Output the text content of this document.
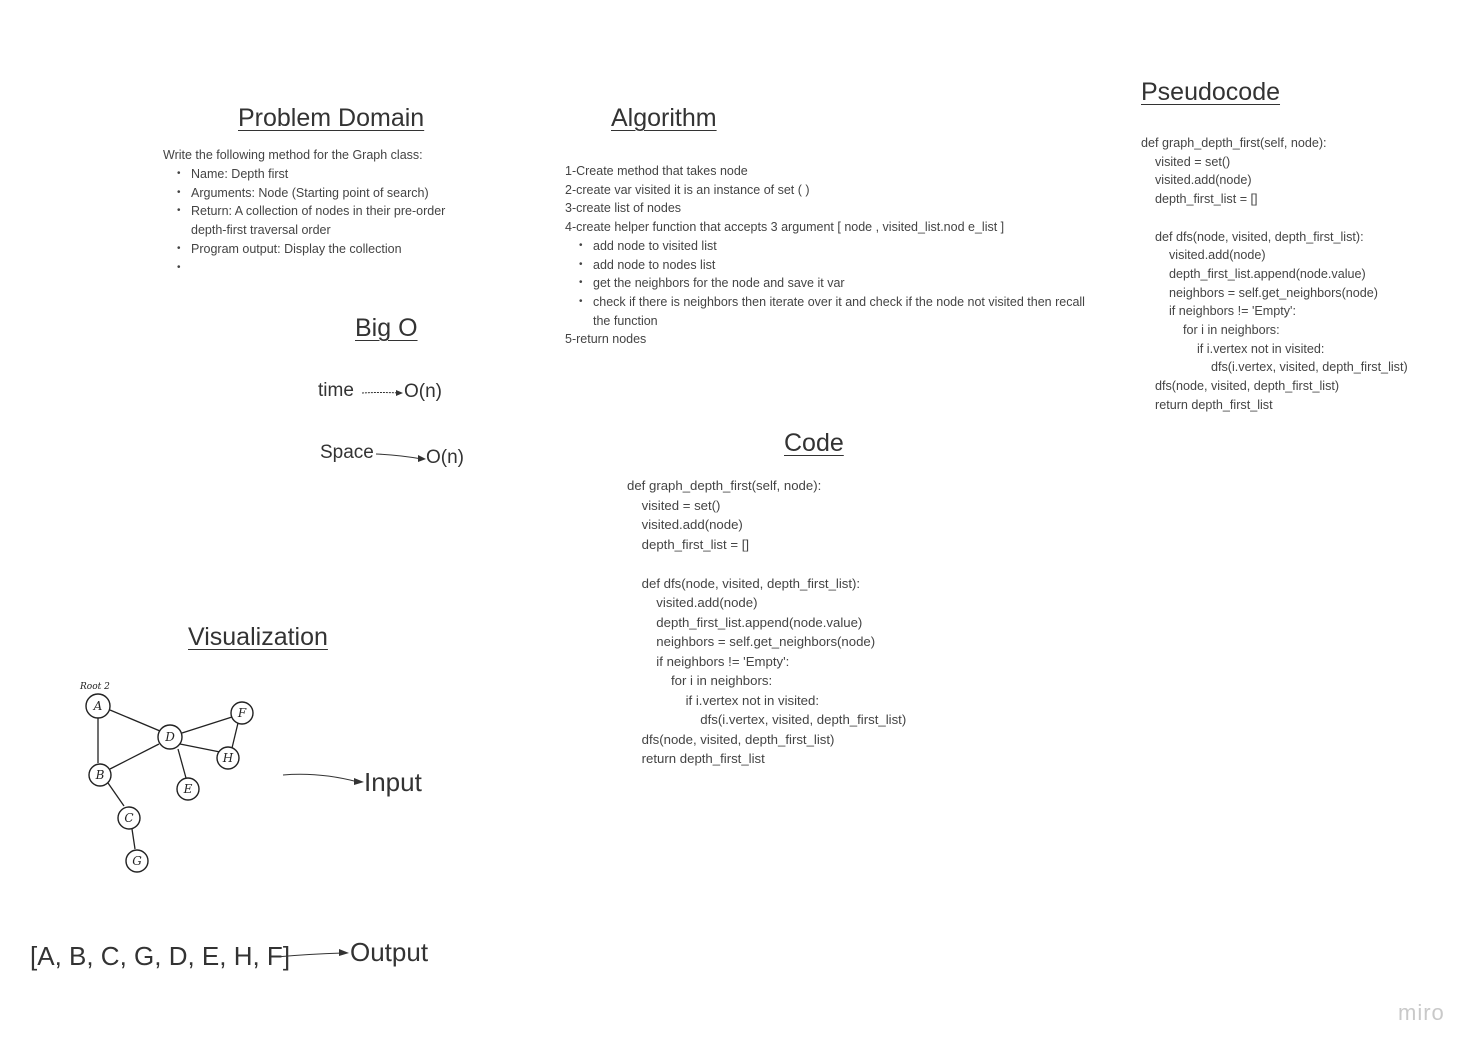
Problem Domain
Write the following method for the Graph class:
• Name: Depth first
• Arguments: Node (Starting point of search)
• Return: A collection of nodes in their pre-order depth-first traversal order
• Program output: Display the collection
•
Algorithm
1-Create method that takes node
2-create var visited it is an instance of set ( )
3-create list of nodes
4-create helper function that accepts 3 argument [ node , visited_list.nod e_list ]
• add node to visited list
• add node to nodes list
• get the neighbors for the node and save it var
• check if there is neighbors then iterate over it and check if the node not visited then recall the function
5-return nodes
Pseudocode
def graph_depth_first(self, node):
visited = set()
visited.add(node)
depth_first_list = []

def dfs(node, visited, depth_first_list):
visited.add(node)
depth_first_list.append(node.value)
neighbors = self.get_neighbors(node)
if neighbors != 'Empty':
for i in neighbors:
if i.vertex not in visited:
dfs(i.vertex, visited, depth_first_list)
dfs(node, visited, depth_first_list)
return depth_first_list
Big O
time	O(n)
Space	O(n)
Code
def graph_depth_first(self, node):
visited = set()
visited.add(node)
depth_first_list = []

def dfs(node, visited, depth_first_list):
visited.add(node)
depth_first_list.append(node.value)
neighbors = self.get_neighbors(node)
if neighbors != 'Empty':
for i in neighbors:
if i.vertex not in visited:
dfs(i.vertex, visited, depth_first_list)
dfs(node, visited, depth_first_list)
return depth_first_list
Visualization
Root 2
A
B
C
D
E
F
G
H
Input
[A, B, C, G, D, E, H, F] Output
miro
